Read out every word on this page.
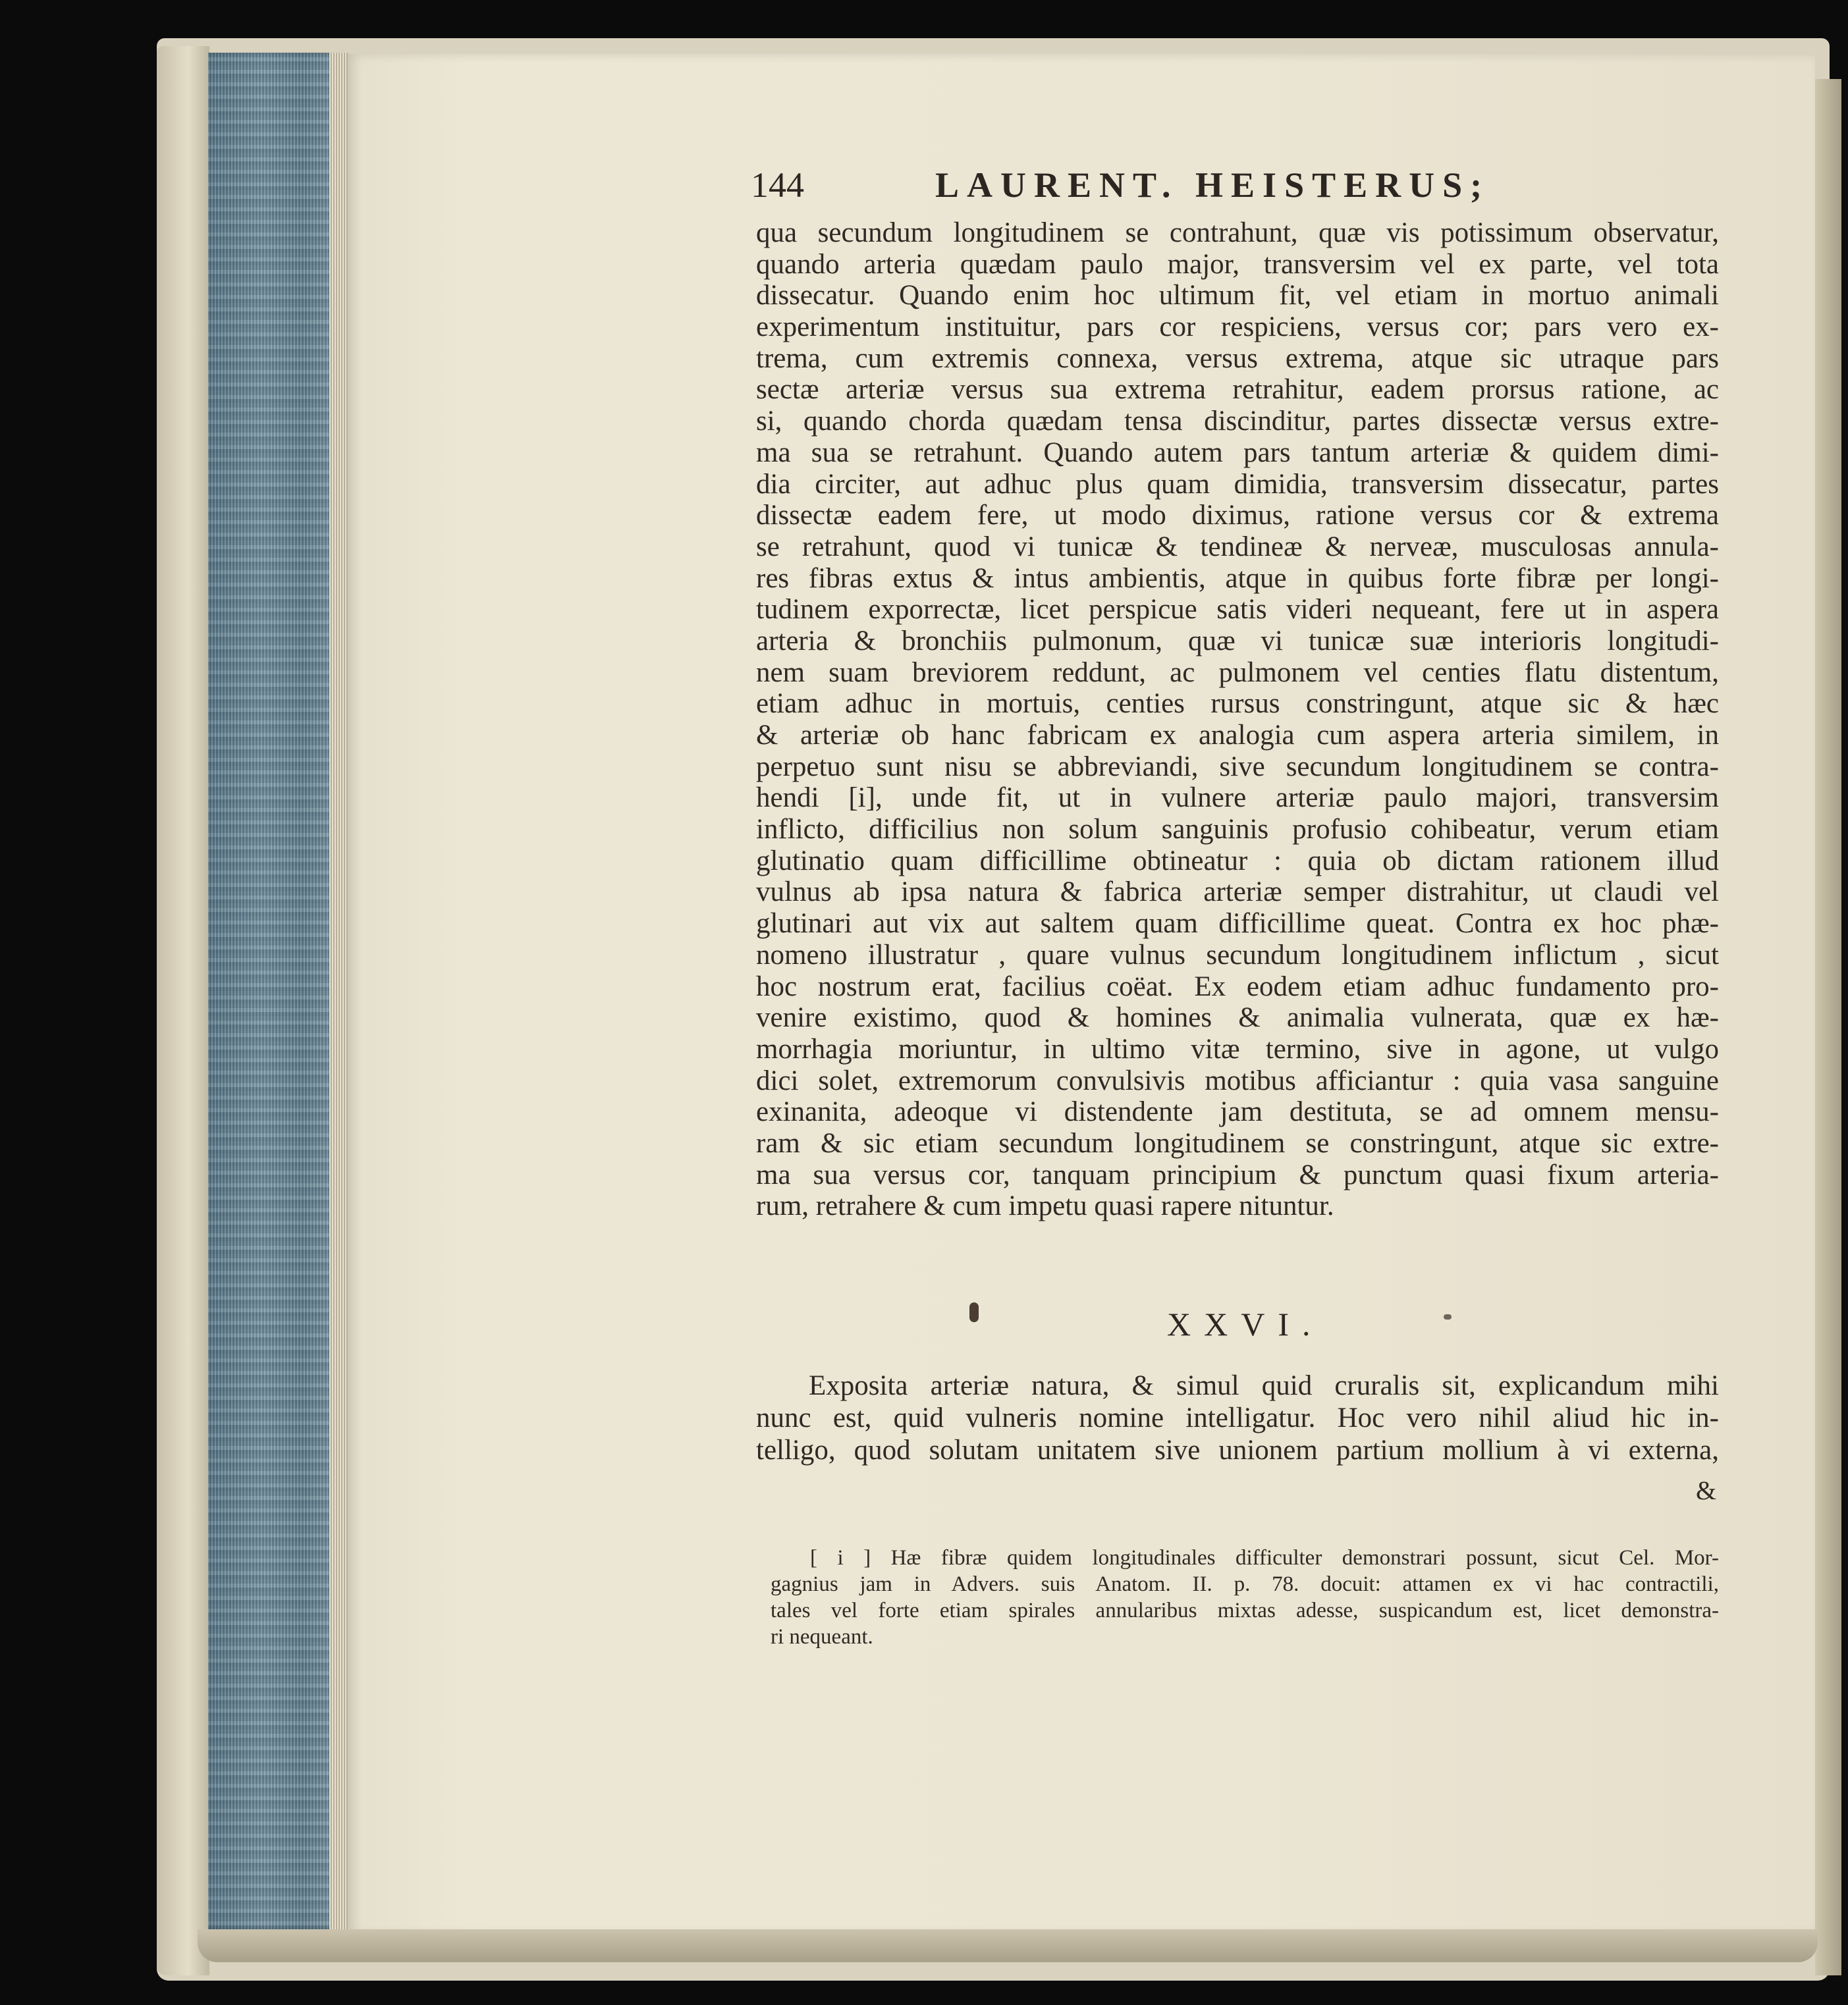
144	LAURENT. HEISTERUS;
qua secundum longitudinem se contrahunt, quæ vis potissimum observatur,
quando arteria quædam paulo major, transversim vel ex parte, vel tota
dissecatur. Quando enim hoc ultimum fit, vel etiam in mortuo animali
experimentum instituitur, pars cor respiciens, versus cor; pars vero ex-
trema, cum extremis connexa, versus extrema, atque sic utraque pars
sectæ arteriæ versus sua extrema retrahitur, eadem prorsus ratione, ac
si, quando chorda quædam tensa discinditur, partes dissectæ versus extre-
ma sua se retrahunt. Quando autem pars tantum arteriæ & quidem dimi-
dia circiter, aut adhuc plus quam dimidia, transversim dissecatur, partes
dissectæ eadem fere, ut modo diximus, ratione versus cor & extrema
se retrahunt, quod vi tunicæ & tendineæ & nerveæ, musculosas annula-
res fibras extus & intus ambientis, atque in quibus forte fibræ per longi-
tudinem exporrectæ, licet perspicue satis videri nequeant, fere ut in aspera
arteria & bronchiis pulmonum, quæ vi tunicæ suæ interioris longitudi-
nem suam breviorem reddunt, ac pulmonem vel centies flatu distentum,
etiam adhuc in mortuis, centies rursus constringunt, atque sic & hæc
& arteriæ ob hanc fabricam ex analogia cum aspera arteria similem, in
perpetuo sunt nisu se abbreviandi, sive secundum longitudinem se contra-
hendi [i], unde fit, ut in vulnere arteriæ paulo majori, transversim
inflicto, difficilius non solum sanguinis profusio cohibeatur, verum etiam
glutinatio quam difficillime obtineatur : quia ob dictam rationem illud
vulnus ab ipsa natura & fabrica arteriæ semper distrahitur, ut claudi vel
glutinari aut vix aut saltem quam difficillime queat. Contra ex hoc phæ-
nomeno illustratur , quare vulnus secundum longitudinem inflictum , sicut
hoc nostrum erat, facilius coëat. Ex eodem etiam adhuc fundamento pro-
venire existimo, quod & homines & animalia vulnerata, quæ ex hæ-
morrhagia moriuntur, in ultimo vitæ termino, sive in agone, ut vulgo
dici solet, extremorum convulsivis motibus afficiantur : quia vasa sanguine
exinanita, adeoque vi distendente jam destituta, se ad omnem mensu-
ram & sic etiam secundum longitudinem se constringunt, atque sic extre-
ma sua versus cor, tanquam principium & punctum quasi fixum arteria-
rum, retrahere & cum impetu quasi rapere nituntur.
XXVI.
Exposita arteriæ natura, & simul quid cruralis sit, explicandum mihi
nunc est, quid vulneris nomine intelligatur. Hoc vero nihil aliud hic in-
telligo, quod solutam unitatem sive unionem partium mollium à vi externa,
&
[ i ] Hæ fibræ quidem longitudinales difficulter demonstrari possunt, sicut Cel. Mor-
gagnius jam in Advers. suis Anatom. II. p. 78. docuit: attamen ex vi hac contractili,
tales vel forte etiam spirales annularibus mixtas adesse, suspicandum est, licet demonstra-
ri nequeant.
